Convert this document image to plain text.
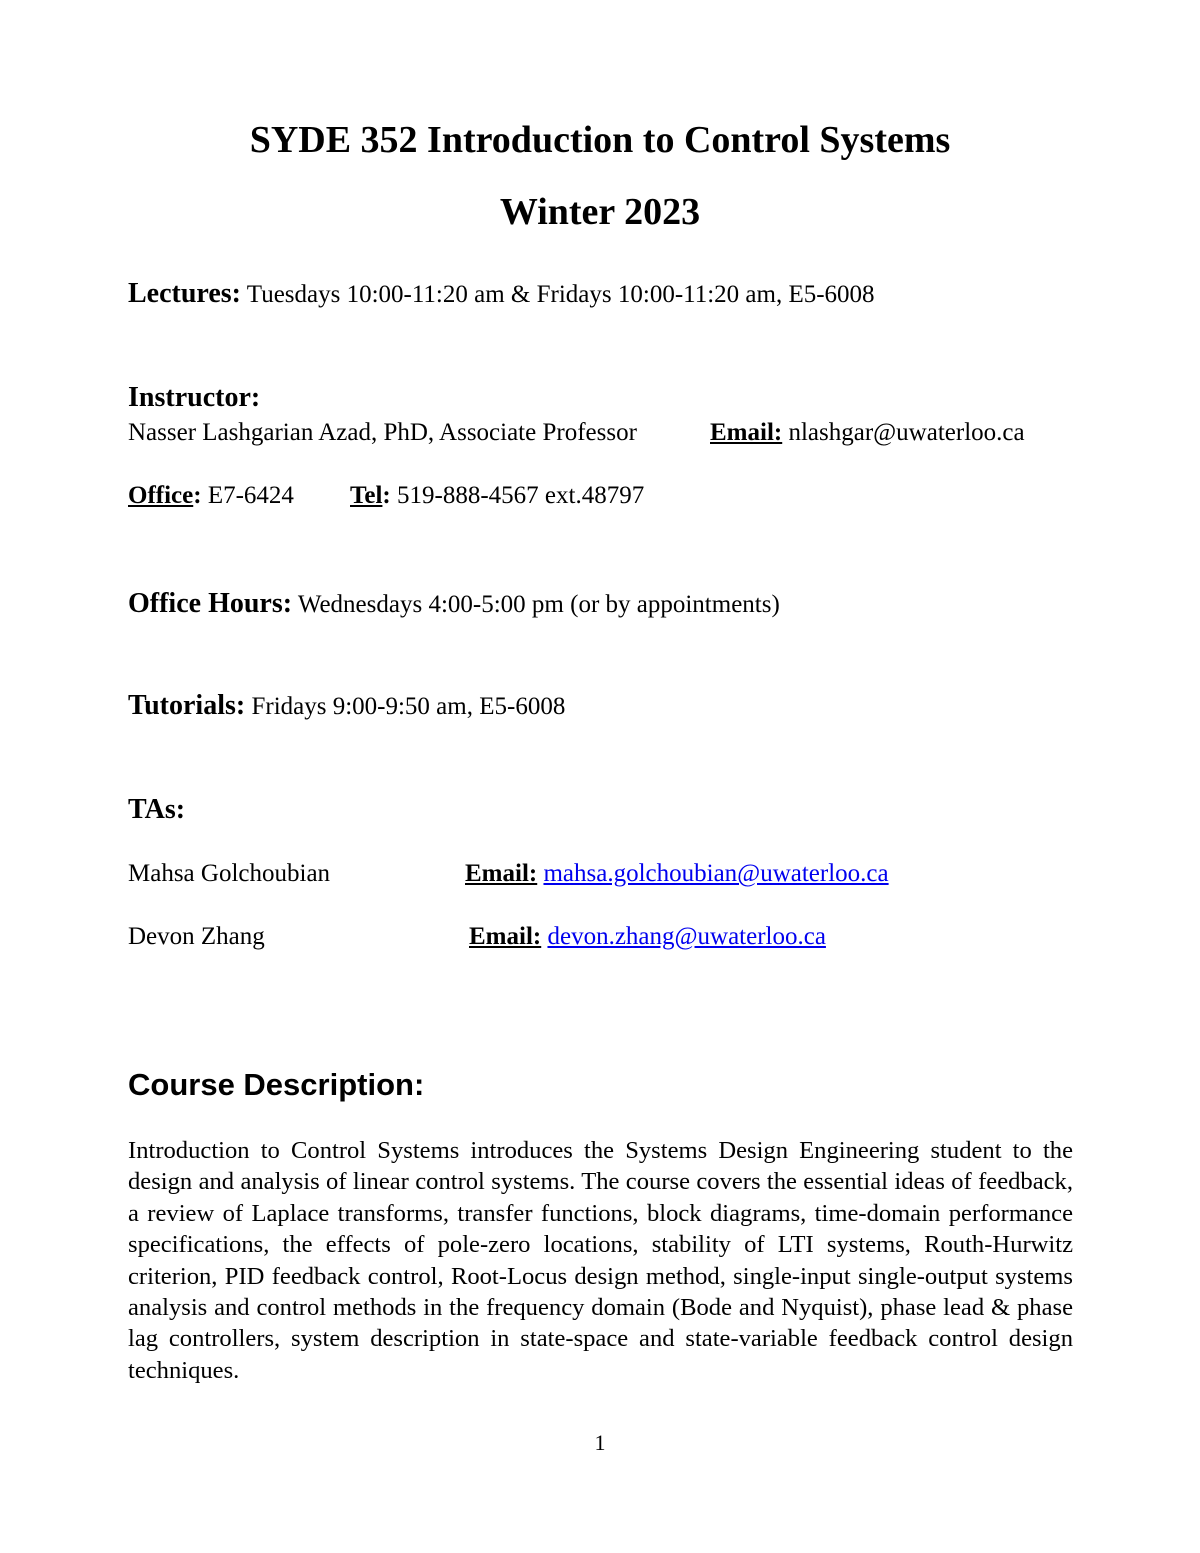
SYDE 352 Introduction to Control Systems
Winter 2023
Lectures: Tuesdays 10:00-11:20 am & Fridays 10:00-11:20 am, E5-6008
Instructor:
Nasser Lashgarian Azad, PhD, Associate Professor	Email: nlashgar@uwaterloo.ca
Office: E7-6424 Tel: 519-888-4567 ext.48797
Office Hours: Wednesdays 4:00-5:00 pm (or by appointments)
Tutorials: Fridays 9:00-9:50 am, E5-6008
TAs:
Mahsa Golchoubian	Email: mahsa.golchoubian@uwaterloo.ca
Devon Zhang	Email: devon.zhang@uwaterloo.ca
Course Description:
Introduction to Control Systems introduces the Systems Design Engineering student to the design and analysis of linear control systems. The course covers the essential ideas of feedback, a review of Laplace transforms, transfer functions, block diagrams, time-domain performance specifications, the effects of pole-zero locations, stability of LTI systems, Routh-Hurwitz criterion, PID feedback control, Root-Locus design method, single-input single-output systems analysis and control methods in the frequency domain (Bode and Nyquist), phase lead & phase lag controllers, system description in state-space and state-variable feedback control design techniques.
1
